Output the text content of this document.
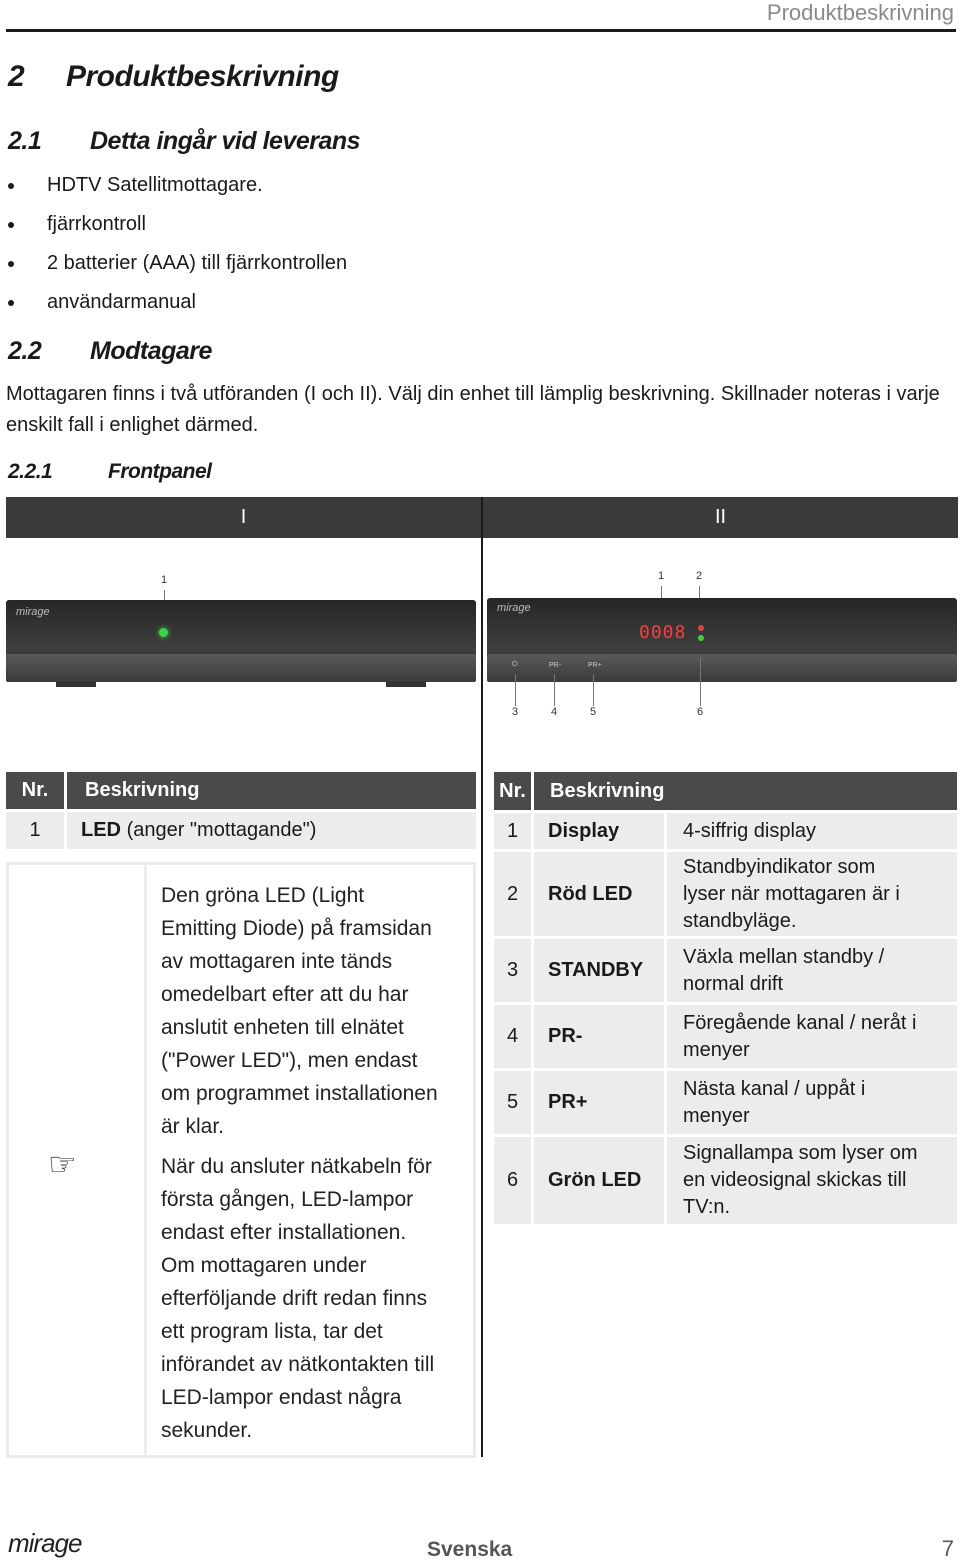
Produktbeskrivning
2 Produktbeskrivning
2.1 Detta ingår vid leverans
HDTV Satellitmottagare.
fjärrkontroll
2 batterier (AAA) till fjärrkontrollen
användarmanual
2.2 Modtagare
Mottagaren finns i två utföranden (I och II). Välj din enhet till lämplig beskrivning. Skillnader noteras i varje enskilt fall i enlighet därmed.
2.2.1	Frontpanel
I	II
1
mirage
1	2
mirage
0008
⏻	PR-	PR+
3	4	5	6
Nr.	Beskrivning
1	LED (anger "mottagande")
☞
Den gröna LED (Light
Emitting Diode) på framsidan
av mottagaren inte tänds
omedelbart efter att du har
anslutit enheten till elnätet
("Power LED"), men endast
om programmet installationen
är klar.
När du ansluter nätkabeln för
första gången, LED-lampor
endast efter installationen.
Om mottagaren under
efterföljande drift redan finns
ett program lista, tar det
införandet av nätkontakten till
LED-lampor endast några
sekunder.
Nr.	Beskrivning	
1	Display	4-siffrig display

2	Röd LED	Standbyindikator som
lyser när mottagaren är i
standbyläge.

3	STANDBY	Växla mellan standby /
normal drift

4	PR-	Föregående kanal / neråt i
menyer

5	PR+	Nästa kanal / uppåt i
menyer

6	Grön LED	Signallampa som lyser om
en videosignal skickas till
TV:n.
mirage	Svenska	7
